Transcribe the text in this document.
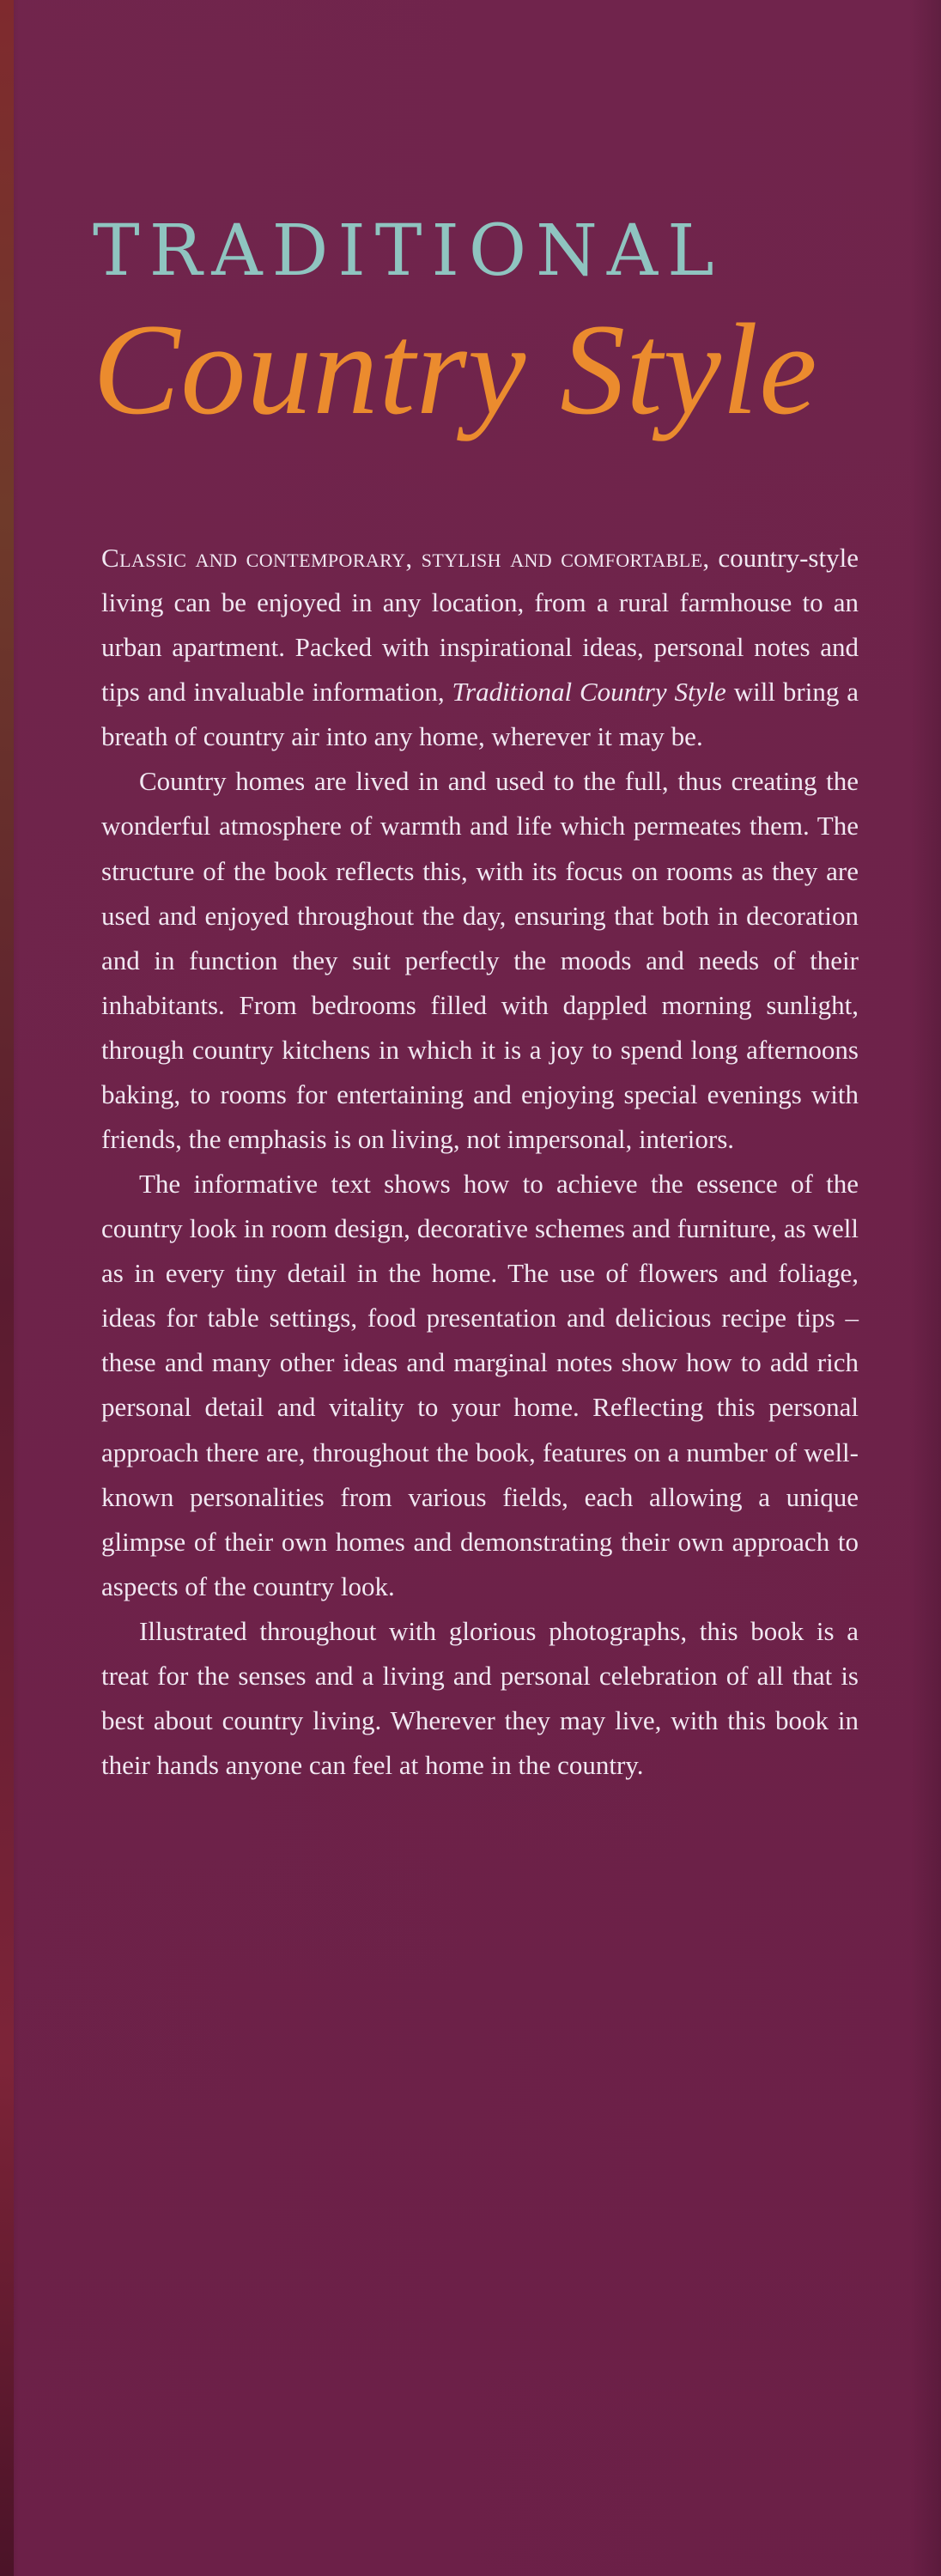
TRADITIONAL
Country Style

Classic and contemporary, stylish and comfortable, country-style living can be enjoyed in any location, from a rural farmhouse to an urban apartment. Packed with inspirational ideas, personal notes and tips and invaluable information, Traditional Country Style will bring a breath of country air into any home, wherever it may be.

Country homes are lived in and used to the full, thus creating the wonderful atmosphere of warmth and life which permeates them. The structure of the book reflects this, with its focus on rooms as they are used and enjoyed throughout the day, ensuring that both in decoration and in function they suit perfectly the moods and needs of their inhabitants. From bedrooms filled with dappled morning sunlight, through country kitchens in which it is a joy to spend long afternoons baking, to rooms for entertaining and enjoying special evenings with friends, the emphasis is on living, not impersonal, interiors.

The informative text shows how to achieve the essence of the country look in room design, decorative schemes and furniture, as well as in every tiny detail in the home. The use of flowers and foliage, ideas for table settings, food presentation and delicious recipe tips – these and many other ideas and marginal notes show how to add rich personal detail and vitality to your home. Reflecting this personal approach there are, throughout the book, features on a number of well-known personalities from various fields, each allowing a unique glimpse of their own homes and demonstrating their own approach to aspects of the country look.

Illustrated throughout with glorious photographs, this book is a treat for the senses and a living and personal celebration of all that is best about country living. Wherever they may live, with this book in their hands anyone can feel at home in the country.
